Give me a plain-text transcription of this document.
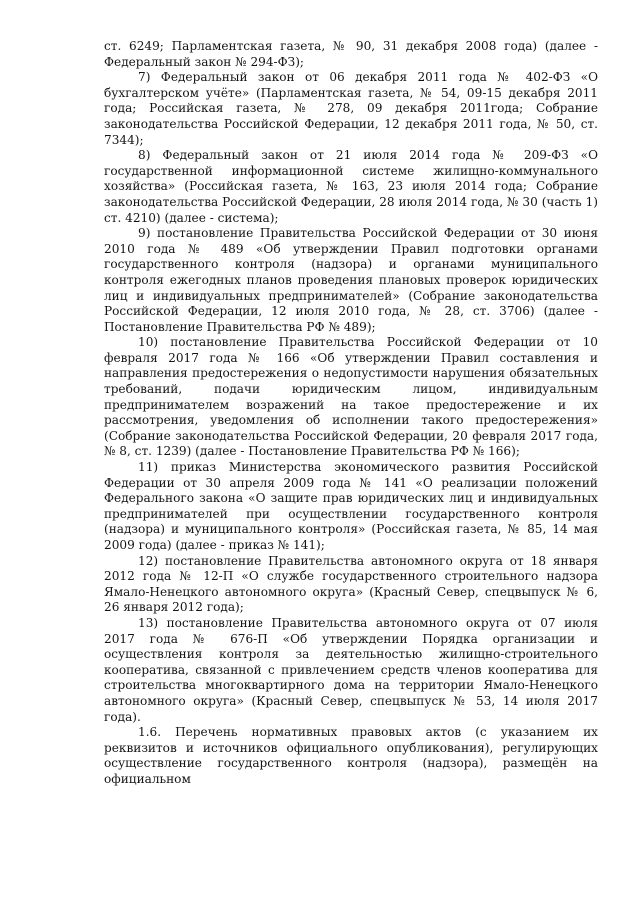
ст. 6249; Парламентская газета, № 90, 31 декабря 2008 года) (далее - Федеральный закон № 294-ФЗ);

7) Федеральный закон от 06 декабря 2011 года № 402-ФЗ «О бухгалтерском учёте» (Парламентская газета, № 54, 09-15 декабря 2011 года; Российская газета, № 278, 09 декабря 2011года; Собрание законодательства Российской Федерации, 12 декабря 2011 года, № 50, ст. 7344);

8) Федеральный закон от 21 июля 2014 года № 209-ФЗ «О государственной информационной системе жилищно-коммунального хозяйства» (Российская газета, № 163, 23 июля 2014 года; Собрание законодательства Российской Федерации, 28 июля 2014 года, № 30 (часть 1) ст. 4210) (далее - система);

9) постановление Правительства Российской Федерации от 30 июня 2010 года № 489 «Об утверждении Правил подготовки органами государственного контроля (надзора) и органами муниципального контроля ежегодных планов проведения плановых проверок юридических лиц и индивидуальных предпринимателей» (Собрание законодательства Российской Федерации, 12 июля 2010 года, № 28, ст. 3706) (далее - Постановление Правительства РФ № 489);

10) постановление Правительства Российской Федерации от 10 февраля 2017 года № 166 «Об утверждении Правил составления и направления предостережения о недопустимости нарушения обязательных требований, подачи юридическим лицом, индивидуальным предпринимателем возражений на такое предостережение и их рассмотрения, уведомления об исполнении такого предостережения» (Собрание законодательства Российской Федерации, 20 февраля 2017 года, № 8, ст. 1239) (далее - Постановление Правительства РФ № 166);

11) приказ Министерства экономического развития Российской Федерации от 30 апреля 2009 года № 141 «О реализации положений Федерального закона «О защите прав юридических лиц и индивидуальных предпринимателей при осуществлении государственного контроля (надзора) и муниципального контроля» (Российская газета, № 85, 14 мая 2009 года) (далее - приказ № 141);

12) постановление Правительства автономного округа от 18 января 2012 года № 12-П «О службе государственного строительного надзора Ямало-Ненецкого автономного округа» (Красный Север, спецвыпуск № 6, 26 января 2012 года);

13) постановление Правительства автономного округа от 07 июля 2017 года № 676-П «Об утверждении Порядка организации и осуществления контроля за деятельностью жилищно-строительного кооператива, связанной с привлечением средств членов кооператива для строительства многоквартирного дома на территории Ямало-Ненецкого автономного округа» (Красный Север, спецвыпуск № 53, 14 июля 2017 года).

1.6. Перечень нормативных правовых актов (с указанием их реквизитов и источников официального опубликования), регулирующих осуществление государственного контроля (надзора), размещён на официальном
